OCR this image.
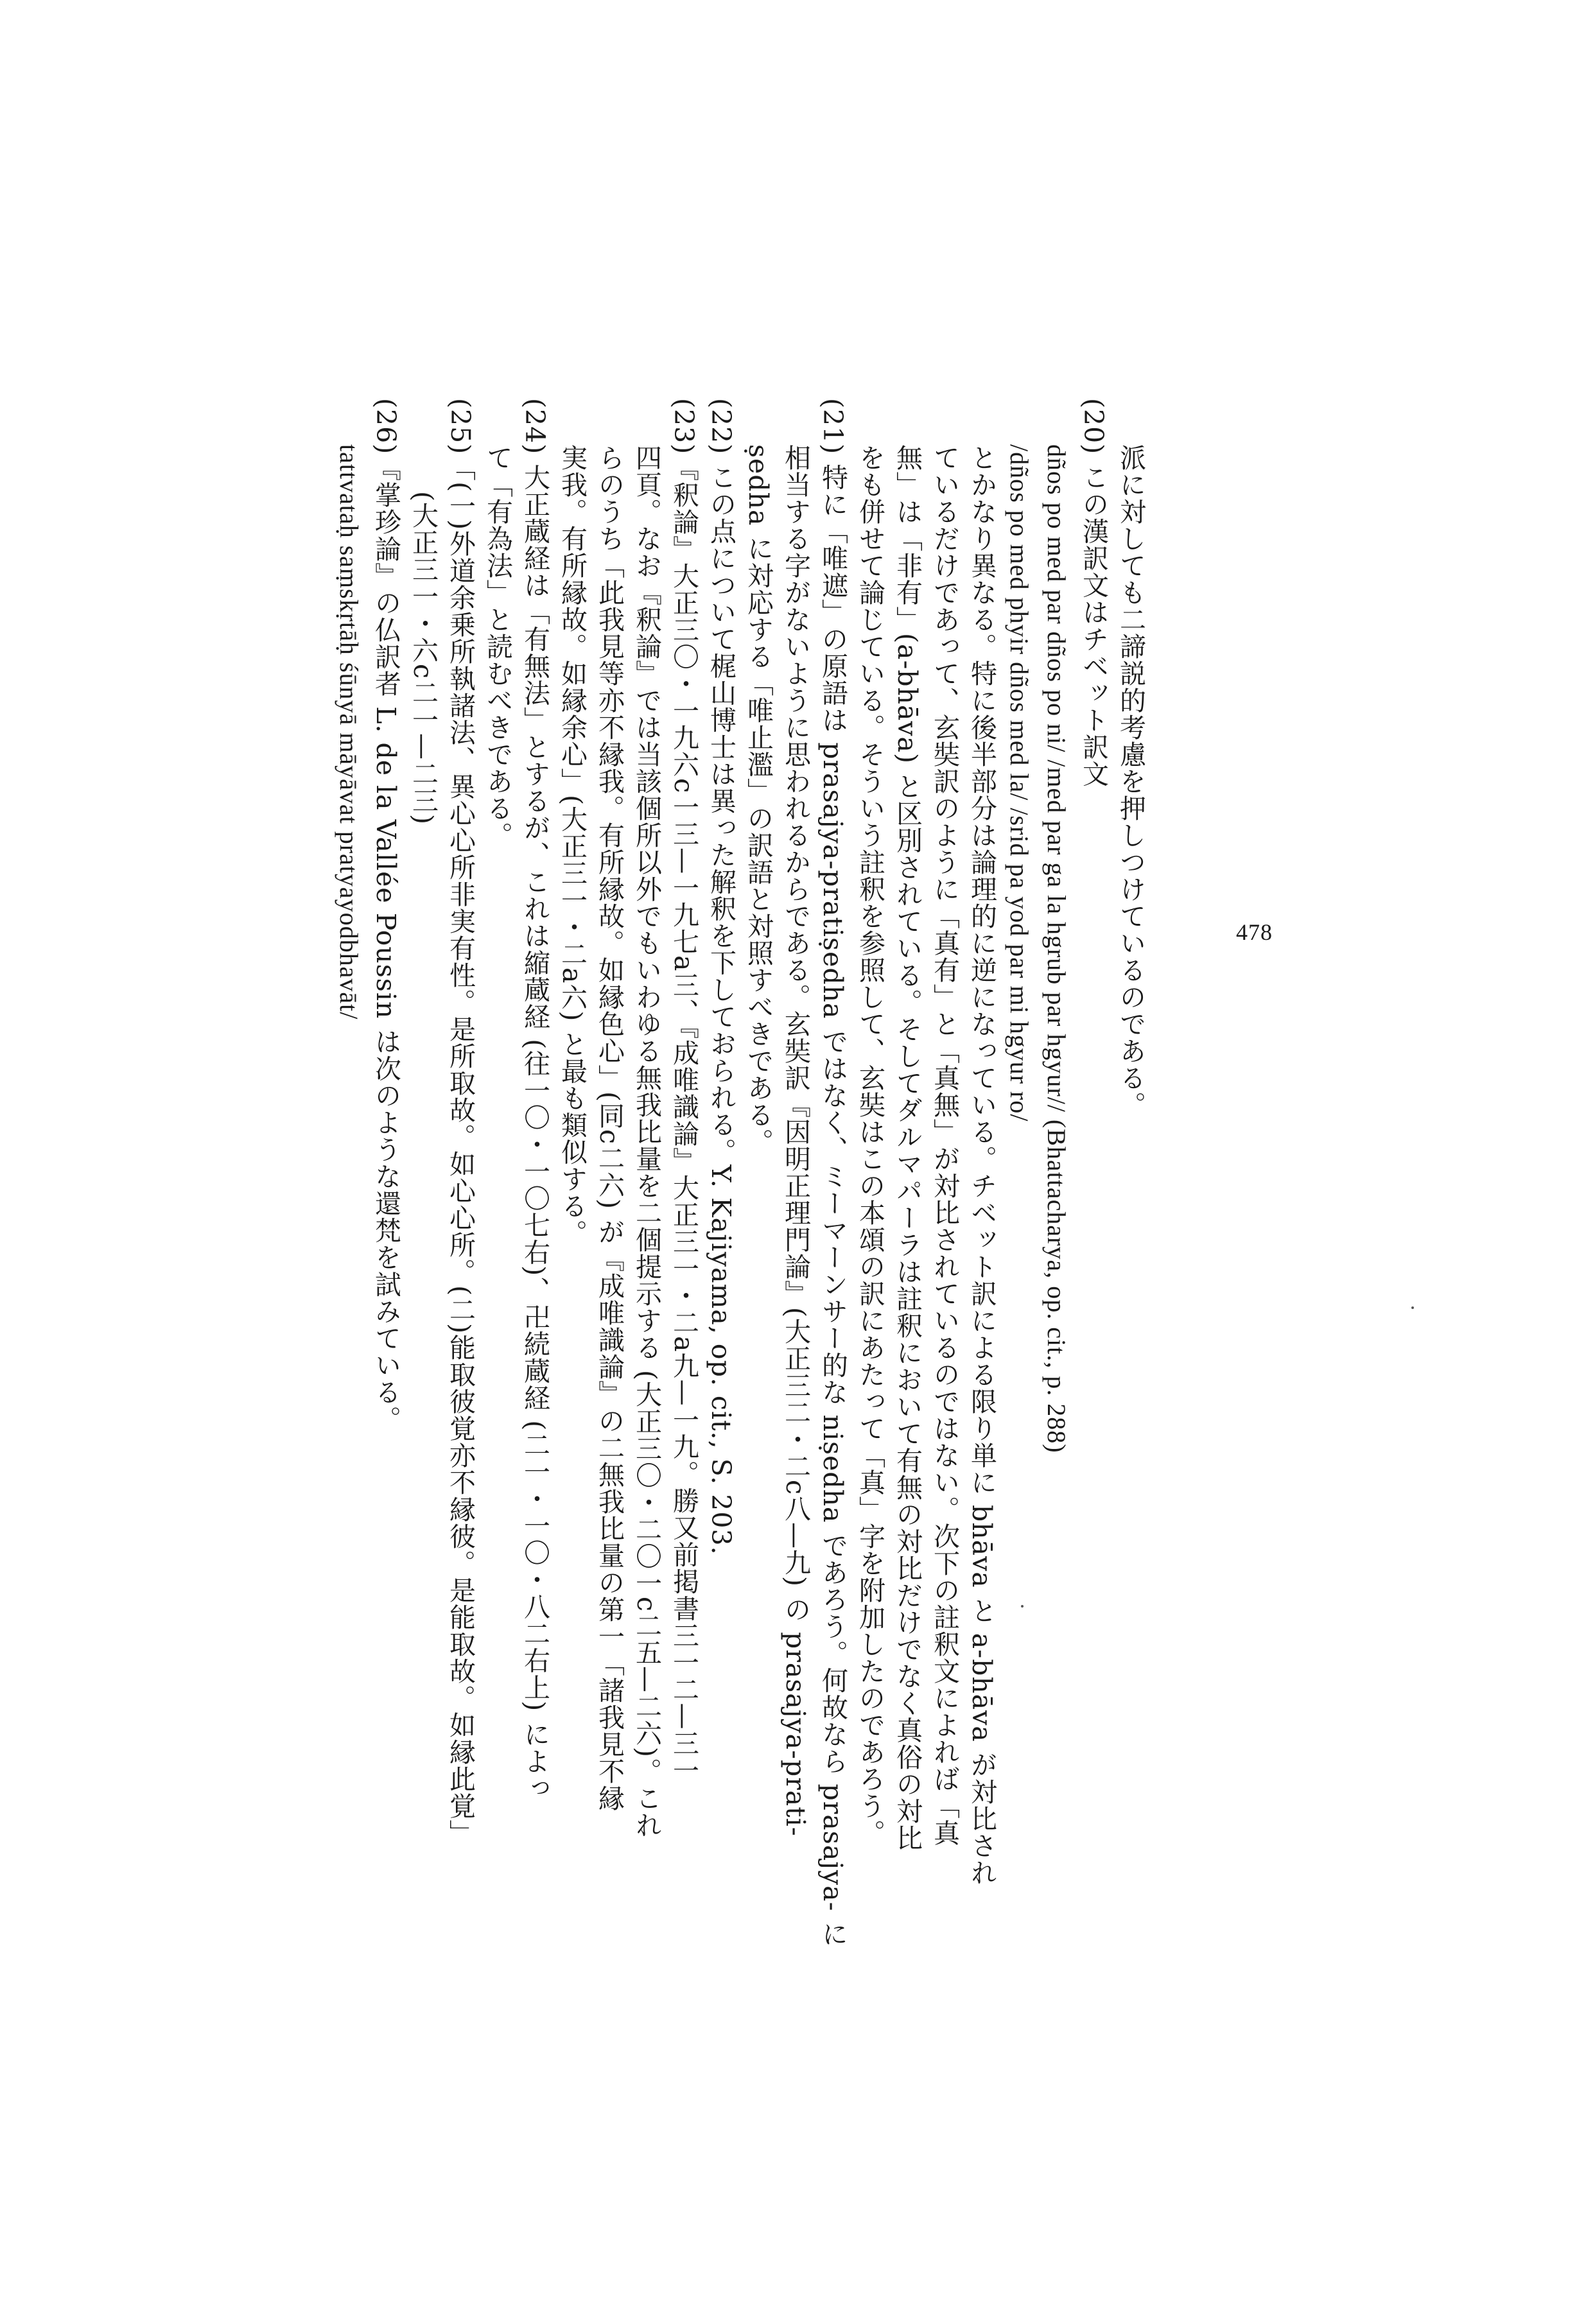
派に対しても二諦説的考慮を押しつけているのである。
(20) この漢訳文はチベット訳文
dños po med par dños po ni/ /med par ga la hgrub par hgyur// (Bhattacharya, op. cit., p. 288)
/dños po med phyir dños med la/ /srid pa yod par mi hgyur ro/
とかなり異なる。特に後半部分は論理的に逆になっている。チベット訳による限り単に bhāva と a-bhāva が対比され
ているだけであって、玄奘訳のように「真有」と「真無」が対比されているのではない。次下の註釈文によれば「真
無」は「非有」(a-bhāva) と区別されている。そしてダルマパーラは註釈において有無の対比だけでなく真俗の対比
をも併せて論じている。そういう註釈を参照して、玄奘はこの本頌の訳にあたって「真」字を附加したのであろう。
(21) 特に「唯遮」の原語は prasajya-pratiṣedha ではなく、ミーマーンサー的な niṣedha であろう。何故なら prasajya- に
相当する字がないように思われるからである。玄奘訳『因明正理門論』(大正三二・二c八—九) の prasajya-prati-
ṣedha に対応する「唯止濫」の訳語と対照すべきである。
(22) この点について梶山博士は異った解釈を下しておられる。Y. Kajiyama, op. cit., S. 203.
(23)『釈論』大正三〇・一九六c一三—一九七a三、『成唯識論』大正三一・二a九—一九。勝又前掲書三一二—三一
四頁。なお『釈論』では当該個所以外でもいわゆる無我比量を二個提示する (大正三〇・二〇一c二五—二六)。これ
らのうち「此我見等亦不縁我。有所縁故。如縁色心」(同c二六) が『成唯識論』の二無我比量の第一「諸我見不縁
実我。有所縁故。如縁余心」(大正三一・二a六) と最も類似する。
(24) 大正蔵経は「有無法」とするが、これは縮蔵経 (往一〇・一〇七右)、卍続蔵経 (二一・一〇・八二右上) によっ
て「有為法」と読むべきである。
(25)「(一)外道余乗所執諸法、異心心所非実有性。是所取故。如心心所。(二)能取彼覚亦不縁彼。是能取故。如縁此覚」
(大正三一・六c二一—二三)
(26)『掌珍論』の仏訳者 L. de la Vallée Poussin は次のような還梵を試みている。
tattvataḥ saṃskṛtāḥ śūnyā māyāvat pratyayodbhavāt/	478
